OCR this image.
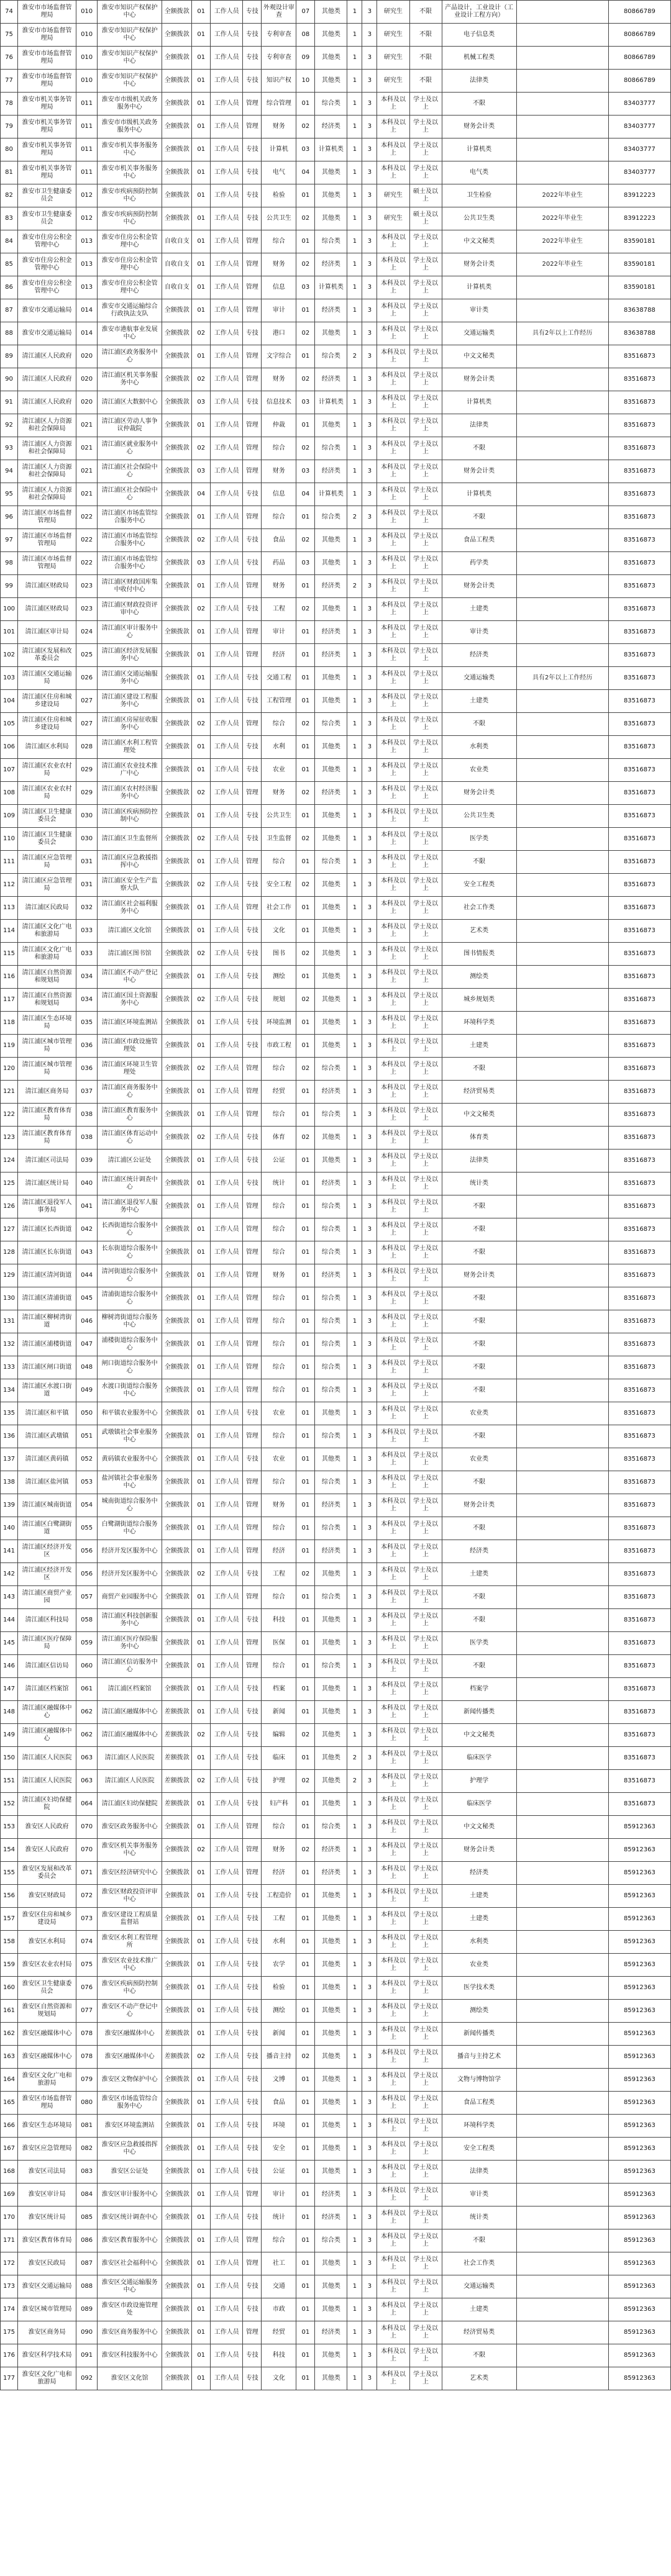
74	淮安市市场监督管理局	010	淮安市知识产权保护中心	全额拨款	01	工作人员	专技	外观设计审查	07	其他类	1	3	研究生	不限	产品设计，工业设计（工业设计工程方向）		80866789
75	淮安市市场监督管理局	010	淮安市知识产权保护中心	全额拨款	01	工作人员	专技	专利审查	08	其他类	1	3	研究生	不限	电子信息类		80866789
76	淮安市市场监督管理局	010	淮安市知识产权保护中心	全额拨款	01	工作人员	专技	专利审查	09	其他类	1	3	研究生	不限	机械工程类		80866789
77	淮安市市场监督管理局	010	淮安市知识产权保护中心	全额拨款	01	工作人员	专技	知识产权	10	其他类	1	3	研究生	不限	法律类		80866789
78	淮安市机关事务管理局	011	淮安市市级机关政务服务中心	全额拨款	01	工作人员	管理	综合管理	01	综合类	1	3	本科及以上	学士及以上	不限		83403777
79	淮安市机关事务管理局	011	淮安市市级机关政务服务中心	全额拨款	01	工作人员	管理	财务	02	经济类	1	3	本科及以上	学士及以上	财务会计类		83403777
80	淮安市机关事务管理局	011	淮安市机关事务服务中心	全额拨款	01	工作人员	专技	计算机	03	计算机类	1	3	本科及以上	学士及以上	计算机类		83403777
81	淮安市机关事务管理局	011	淮安市机关事务服务中心	全额拨款	01	工作人员	专技	电气	04	其他类	1	3	本科及以上	学士及以上	电气类		83403777
82	淮安市卫生健康委员会	012	淮安市疾病预防控制中心	全额拨款	01	工作人员	专技	检验	01	其他类	1	3	研究生	硕士及以上	卫生检验	2022年毕业生	83912223
83	淮安市卫生健康委员会	012	淮安市疾病预防控制中心	全额拨款	01	工作人员	专技	公共卫生	02	其他类	1	3	研究生	硕士及以上	公共卫生类	2022年毕业生	83912223
84	淮安市住房公积金管理中心	013	淮安市住房公积金管理中心	自收自支	01	工作人员	管理	综合	01	综合类	1	3	本科及以上	学士及以上	中文文秘类	2022年毕业生	83590181
85	淮安市住房公积金管理中心	013	淮安市住房公积金管理中心	自收自支	01	工作人员	管理	财务	02	经济类	1	3	本科及以上	学士及以上	财务会计类	2022年毕业生	83590181
86	淮安市住房公积金管理中心	013	淮安市住房公积金管理中心	自收自支	01	工作人员	管理	信息	03	计算机类	1	3	本科及以上	学士及以上	计算机类		83590181
87	淮安市交通运输局	014	淮安市交通运输综合行政执法支队	全额拨款	01	工作人员	管理	审计	01	经济类	1	3	本科及以上	学士及以上	审计类		83638788
88	淮安市交通运输局	014	淮安市港航事业发展中心	全额拨款	02	工作人员	专技	港口	02	其他类	1	3	本科及以上	学士及以上	交通运输类	具有2年以上工作经历	83638788
89	清江浦区人民政府	020	清江浦区政务服务中心	全额拨款	01	工作人员	管理	文字综合	01	综合类	2	3	本科及以上	学士及以上	中文文秘类		83516873
90	清江浦区人民政府	020	清江浦区机关事务服务中心	全额拨款	02	工作人员	管理	财务	02	经济类	1	3	本科及以上	学士及以上	财务会计类		83516873
91	清江浦区人民政府	020	清江浦区大数据中心	全额拨款	03	工作人员	专技	信息技术	03	计算机类	1	3	本科及以上	学士及以上	计算机类		83516873
92	清江浦区人力资源和社会保障局	021	清江浦区劳动人事争议仲裁院	全额拨款	01	工作人员	管理	仲裁	01	其他类	1	3	本科及以上	学士及以上	法律类		83516873
93	清江浦区人力资源和社会保障局	021	清江浦区就业服务中心	全额拨款	02	工作人员	管理	综合	02	综合类	1	3	本科及以上	学士及以上	不限		83516873
94	清江浦区人力资源和社会保障局	021	清江浦区社会保险中心	全额拨款	03	工作人员	管理	财务	03	经济类	1	3	本科及以上	学士及以上	财务会计类		83516873
95	清江浦区人力资源和社会保障局	021	清江浦区社会保险中心	全额拨款	04	工作人员	专技	信息	04	计算机类	1	3	本科及以上	学士及以上	计算机类		83516873
96	清江浦区市场监督管理局	022	清江浦区市场监管综合服务中心	全额拨款	01	工作人员	管理	综合	01	综合类	2	3	本科及以上	学士及以上	不限		83516873
97	清江浦区市场监督管理局	022	清江浦区市场监管综合服务中心	全额拨款	02	工作人员	专技	食品	02	其他类	1	3	本科及以上	学士及以上	食品工程类		83516873
98	清江浦区市场监督管理局	022	清江浦区市场监管综合服务中心	全额拨款	03	工作人员	专技	药品	03	其他类	1	3	本科及以上	学士及以上	药学类		83516873
99	清江浦区财政局	023	清江浦区财政国库集中收付中心	全额拨款	01	工作人员	管理	财务	01	经济类	2	3	本科及以上	学士及以上	财务会计类		83516873
100	清江浦区财政局	023	清江浦区财政投资评审中心	全额拨款	02	工作人员	专技	工程	02	其他类	1	3	本科及以上	学士及以上	土建类		83516873
101	清江浦区审计局	024	清江浦区审计服务中心	全额拨款	01	工作人员	管理	审计	01	经济类	1	3	本科及以上	学士及以上	审计类		83516873
102	清江浦区发展和改革委员会	025	清江浦区经济发展服务中心	全额拨款	01	工作人员	管理	经济	01	经济类	1	3	本科及以上	学士及以上	经济类		83516873
103	清江浦区交通运输局	026	清江浦区交通运输服务中心	全额拨款	01	工作人员	专技	交通工程	01	其他类	1	3	本科及以上	学士及以上	交通运输类	具有2年以上工作经历	83516873
104	清江浦区住房和城乡建设局	027	清江浦区建设工程服务中心	全额拨款	01	工作人员	专技	工程管理	01	其他类	1	3	本科及以上	学士及以上	土建类		83516873
105	清江浦区住房和城乡建设局	027	清江浦区房屋征收服务中心	全额拨款	02	工作人员	管理	综合	02	综合类	1	3	本科及以上	学士及以上	不限		83516873
106	清江浦区水利局	028	清江浦区水利工程管理处	全额拨款	01	工作人员	专技	水利	01	其他类	1	3	本科及以上	学士及以上	水利类		83516873
107	清江浦区农业农村局	029	清江浦区农业技术推广中心	全额拨款	01	工作人员	专技	农业	01	其他类	1	3	本科及以上	学士及以上	农业类		83516873
108	清江浦区农业农村局	029	清江浦区农村经济服务中心	全额拨款	02	工作人员	管理	财务	02	经济类	1	3	本科及以上	学士及以上	财务会计类		83516873
109	清江浦区卫生健康委员会	030	清江浦区疾病预防控制中心	全额拨款	01	工作人员	专技	公共卫生	01	其他类	1	3	本科及以上	学士及以上	公共卫生类		83516873
110	清江浦区卫生健康委员会	030	清江浦区卫生监督所	全额拨款	02	工作人员	专技	卫生监督	02	其他类	1	3	本科及以上	学士及以上	医学类		83516873
111	清江浦区应急管理局	031	清江浦区应急救援指挥中心	全额拨款	01	工作人员	管理	综合	01	综合类	1	3	本科及以上	学士及以上	不限		83516873
112	清江浦区应急管理局	031	清江浦区安全生产监察大队	全额拨款	02	工作人员	专技	安全工程	02	其他类	1	3	本科及以上	学士及以上	安全工程类		83516873
113	清江浦区民政局	032	清江浦区社会福利服务中心	全额拨款	01	工作人员	管理	社会工作	01	其他类	1	3	本科及以上	学士及以上	社会工作类		83516873
114	清江浦区文化广电和旅游局	033	清江浦区文化馆	全额拨款	01	工作人员	专技	文化	01	其他类	1	3	本科及以上	学士及以上	艺术类		83516873
115	清江浦区文化广电和旅游局	033	清江浦区图书馆	全额拨款	02	工作人员	专技	图书	02	其他类	1	3	本科及以上	学士及以上	图书情报类		83516873
116	清江浦区自然资源和规划局	034	清江浦区不动产登记中心	全额拨款	01	工作人员	专技	测绘	01	其他类	1	3	本科及以上	学士及以上	测绘类		83516873
117	清江浦区自然资源和规划局	034	清江浦区国土资源服务中心	全额拨款	02	工作人员	专技	规划	02	其他类	1	3	本科及以上	学士及以上	城乡规划类		83516873
118	清江浦区生态环境局	035	清江浦区环境监测站	全额拨款	01	工作人员	专技	环境监测	01	其他类	1	3	本科及以上	学士及以上	环境科学类		83516873
119	清江浦区城市管理局	036	清江浦区市政设施管理处	全额拨款	01	工作人员	专技	市政工程	01	其他类	1	3	本科及以上	学士及以上	土建类		83516873
120	清江浦区城市管理局	036	清江浦区环境卫生管理处	全额拨款	02	工作人员	管理	综合	02	综合类	1	3	本科及以上	学士及以上	不限		83516873
121	清江浦区商务局	037	清江浦区商务服务中心	全额拨款	01	工作人员	管理	经贸	01	经济类	1	3	本科及以上	学士及以上	经济贸易类		83516873
122	清江浦区教育体育局	038	清江浦区教育服务中心	全额拨款	01	工作人员	管理	综合	01	综合类	1	3	本科及以上	学士及以上	中文文秘类		83516873
123	清江浦区教育体育局	038	清江浦区体育运动中心	全额拨款	02	工作人员	专技	体育	02	其他类	1	3	本科及以上	学士及以上	体育类		83516873
124	清江浦区司法局	039	清江浦区公证处	全额拨款	01	工作人员	专技	公证	01	其他类	1	3	本科及以上	学士及以上	法律类		83516873
125	清江浦区统计局	040	清江浦区统计调查中心	全额拨款	01	工作人员	专技	统计	01	经济类	1	3	本科及以上	学士及以上	统计类		83516873
126	清江浦区退役军人事务局	041	清江浦区退役军人服务中心	全额拨款	01	工作人员	管理	综合	01	综合类	1	3	本科及以上	学士及以上	不限		83516873
127	清江浦区长西街道	042	长西街道综合服务中心	全额拨款	01	工作人员	管理	综合	01	综合类	1	3	本科及以上	学士及以上	不限		83516873
128	清江浦区长东街道	043	长东街道综合服务中心	全额拨款	01	工作人员	管理	综合	01	综合类	1	3	本科及以上	学士及以上	不限		83516873
129	清江浦区清河街道	044	清河街道综合服务中心	全额拨款	01	工作人员	管理	财务	01	经济类	1	3	本科及以上	学士及以上	财务会计类		83516873
130	清江浦区清浦街道	045	清浦街道综合服务中心	全额拨款	01	工作人员	管理	综合	01	综合类	1	3	本科及以上	学士及以上	不限		83516873
131	清江浦区柳树湾街道	046	柳树湾街道综合服务中心	全额拨款	01	工作人员	管理	综合	01	综合类	1	3	本科及以上	学士及以上	不限		83516873
132	清江浦区浦楼街道	047	浦楼街道综合服务中心	全额拨款	01	工作人员	管理	综合	01	综合类	1	3	本科及以上	学士及以上	不限		83516873
133	清江浦区闸口街道	048	闸口街道综合服务中心	全额拨款	01	工作人员	管理	综合	01	综合类	1	3	本科及以上	学士及以上	不限		83516873
134	清江浦区水渡口街道	049	水渡口街道综合服务中心	全额拨款	01	工作人员	管理	综合	01	综合类	1	3	本科及以上	学士及以上	不限		83516873
135	清江浦区和平镇	050	和平镇农业服务中心	全额拨款	01	工作人员	专技	农业	01	其他类	1	3	本科及以上	学士及以上	农业类		83516873
136	清江浦区武墩镇	051	武墩镇社会事业服务中心	全额拨款	01	工作人员	管理	综合	01	综合类	1	3	本科及以上	学士及以上	不限		83516873
137	清江浦区黄码镇	052	黄码镇农业服务中心	全额拨款	01	工作人员	专技	农业	01	其他类	1	3	本科及以上	学士及以上	农业类		83516873
138	清江浦区盐河镇	053	盐河镇社会事业服务中心	全额拨款	01	工作人员	管理	综合	01	综合类	1	3	本科及以上	学士及以上	不限		83516873
139	清江浦区城南街道	054	城南街道综合服务中心	全额拨款	01	工作人员	管理	财务	01	经济类	1	3	本科及以上	学士及以上	财务会计类		83516873
140	清江浦区白鹭湖街道	055	白鹭湖街道综合服务中心	全额拨款	01	工作人员	管理	综合	01	综合类	1	3	本科及以上	学士及以上	不限		83516873
141	清江浦区经济开发区	056	经济开发区服务中心	全额拨款	01	工作人员	管理	经济	01	经济类	1	3	本科及以上	学士及以上	经济类		83516873
142	清江浦区经济开发区	056	经济开发区服务中心	全额拨款	02	工作人员	专技	工程	02	其他类	1	3	本科及以上	学士及以上	土建类		83516873
143	清江浦区商贸产业园	057	商贸产业园服务中心	全额拨款	01	工作人员	管理	综合	01	综合类	1	3	本科及以上	学士及以上	不限		83516873
144	清江浦区科技局	058	清江浦区科技创新服务中心	全额拨款	01	工作人员	专技	科技	01	其他类	1	3	本科及以上	学士及以上	不限		83516873
145	清江浦区医疗保障局	059	清江浦区医疗保险服务中心	全额拨款	01	工作人员	管理	医保	01	其他类	1	3	本科及以上	学士及以上	医学类		83516873
146	清江浦区信访局	060	清江浦区信访服务中心	全额拨款	01	工作人员	管理	综合	01	综合类	1	3	本科及以上	学士及以上	不限		83516873
147	清江浦区档案馆	061	清江浦区档案馆	全额拨款	01	工作人员	专技	档案	01	其他类	1	3	本科及以上	学士及以上	档案学		83516873
148	清江浦区融媒体中心	062	清江浦区融媒体中心	差额拨款	01	工作人员	专技	新闻	01	其他类	1	3	本科及以上	学士及以上	新闻传播类		83516873
149	清江浦区融媒体中心	062	清江浦区融媒体中心	差额拨款	02	工作人员	专技	编辑	02	其他类	1	3	本科及以上	学士及以上	中文文秘类		83516873
150	清江浦区人民医院	063	清江浦区人民医院	差额拨款	01	工作人员	专技	临床	01	其他类	2	3	本科及以上	学士及以上	临床医学		83516873
151	清江浦区人民医院	063	清江浦区人民医院	差额拨款	02	工作人员	专技	护理	02	其他类	2	3	本科及以上	学士及以上	护理学		83516873
152	清江浦区妇幼保健院	064	清江浦区妇幼保健院	差额拨款	01	工作人员	专技	妇产科	01	其他类	1	3	本科及以上	学士及以上	临床医学		83516873
153	淮安区人民政府	070	淮安区政务服务中心	全额拨款	01	工作人员	管理	综合	01	综合类	1	3	本科及以上	学士及以上	中文文秘类		85912363
154	淮安区人民政府	070	淮安区机关事务服务中心	全额拨款	02	工作人员	管理	财务	02	经济类	1	3	本科及以上	学士及以上	财务会计类		85912363
155	淮安区发展和改革委员会	071	淮安区经济研究中心	全额拨款	01	工作人员	管理	经济	01	经济类	1	3	本科及以上	学士及以上	经济类		85912363
156	淮安区财政局	072	淮安区财政投资评审中心	全额拨款	01	工作人员	专技	工程造价	01	其他类	1	3	本科及以上	学士及以上	土建类		85912363
157	淮安区住房和城乡建设局	073	淮安区建设工程质量监督站	全额拨款	01	工作人员	专技	工程	01	其他类	1	3	本科及以上	学士及以上	土建类		85912363
158	淮安区水利局	074	淮安区水利工程管理所	全额拨款	01	工作人员	专技	水利	01	其他类	1	3	本科及以上	学士及以上	水利类		85912363
159	淮安区农业农村局	075	淮安区农业技术推广中心	全额拨款	01	工作人员	专技	农学	01	其他类	1	3	本科及以上	学士及以上	农业类		85912363
160	淮安区卫生健康委员会	076	淮安区疾病预防控制中心	全额拨款	01	工作人员	专技	检验	01	其他类	1	3	本科及以上	学士及以上	医学技术类		85912363
161	淮安区自然资源和规划局	077	淮安区不动产登记中心	全额拨款	01	工作人员	专技	测绘	01	其他类	1	3	本科及以上	学士及以上	测绘类		85912363
162	淮安区融媒体中心	078	淮安区融媒体中心	差额拨款	01	工作人员	专技	新闻	01	其他类	1	3	本科及以上	学士及以上	新闻传播类		85912363
163	淮安区融媒体中心	078	淮安区融媒体中心	差额拨款	02	工作人员	专技	播音主持	02	其他类	1	3	本科及以上	学士及以上	播音与主持艺术		85912363
164	淮安区文化广电和旅游局	079	淮安区文物保护中心	全额拨款	01	工作人员	专技	文博	01	其他类	1	3	本科及以上	学士及以上	文物与博物馆学		85912363
165	淮安区市场监督管理局	080	淮安区市场监管综合服务中心	全额拨款	01	工作人员	专技	食品	01	其他类	1	3	本科及以上	学士及以上	食品工程类		85912363
166	淮安区生态环境局	081	淮安区环境监测站	全额拨款	01	工作人员	专技	环境	01	其他类	1	3	本科及以上	学士及以上	环境科学类		85912363
167	淮安区应急管理局	082	淮安区应急救援指挥中心	全额拨款	01	工作人员	专技	安全	01	其他类	1	3	本科及以上	学士及以上	安全工程类		85912363
168	淮安区司法局	083	淮安区公证处	全额拨款	01	工作人员	专技	公证	01	其他类	1	3	本科及以上	学士及以上	法律类		85912363
169	淮安区审计局	084	淮安区审计服务中心	全额拨款	01	工作人员	管理	审计	01	经济类	1	3	本科及以上	学士及以上	审计类		85912363
170	淮安区统计局	085	淮安区统计调查中心	全额拨款	01	工作人员	专技	统计	01	经济类	1	3	本科及以上	学士及以上	统计类		85912363
171	淮安区教育体育局	086	淮安区教育服务中心	全额拨款	01	工作人员	管理	综合	01	综合类	1	3	本科及以上	学士及以上	不限		85912363
172	淮安区民政局	087	淮安区社会福利中心	全额拨款	01	工作人员	管理	社工	01	其他类	1	3	本科及以上	学士及以上	社会工作类		85912363
173	淮安区交通运输局	088	淮安区交通运输服务中心	全额拨款	01	工作人员	专技	交通	01	其他类	1	3	本科及以上	学士及以上	交通运输类		85912363
174	淮安区城市管理局	089	淮安区市政设施管理处	全额拨款	01	工作人员	专技	市政	01	其他类	1	3	本科及以上	学士及以上	土建类		85912363
175	淮安区商务局	090	淮安区商务服务中心	全额拨款	01	工作人员	管理	经贸	01	经济类	1	3	本科及以上	学士及以上	经济贸易类		85912363
176	淮安区科学技术局	091	淮安区科技服务中心	全额拨款	01	工作人员	专技	科技	01	其他类	1	3	本科及以上	学士及以上	不限		85912363
177	淮安区文化广电和旅游局	092	淮安区文化馆	全额拨款	01	工作人员	专技	文化	01	其他类	1	3	本科及以上	学士及以上	艺术类		85912363
